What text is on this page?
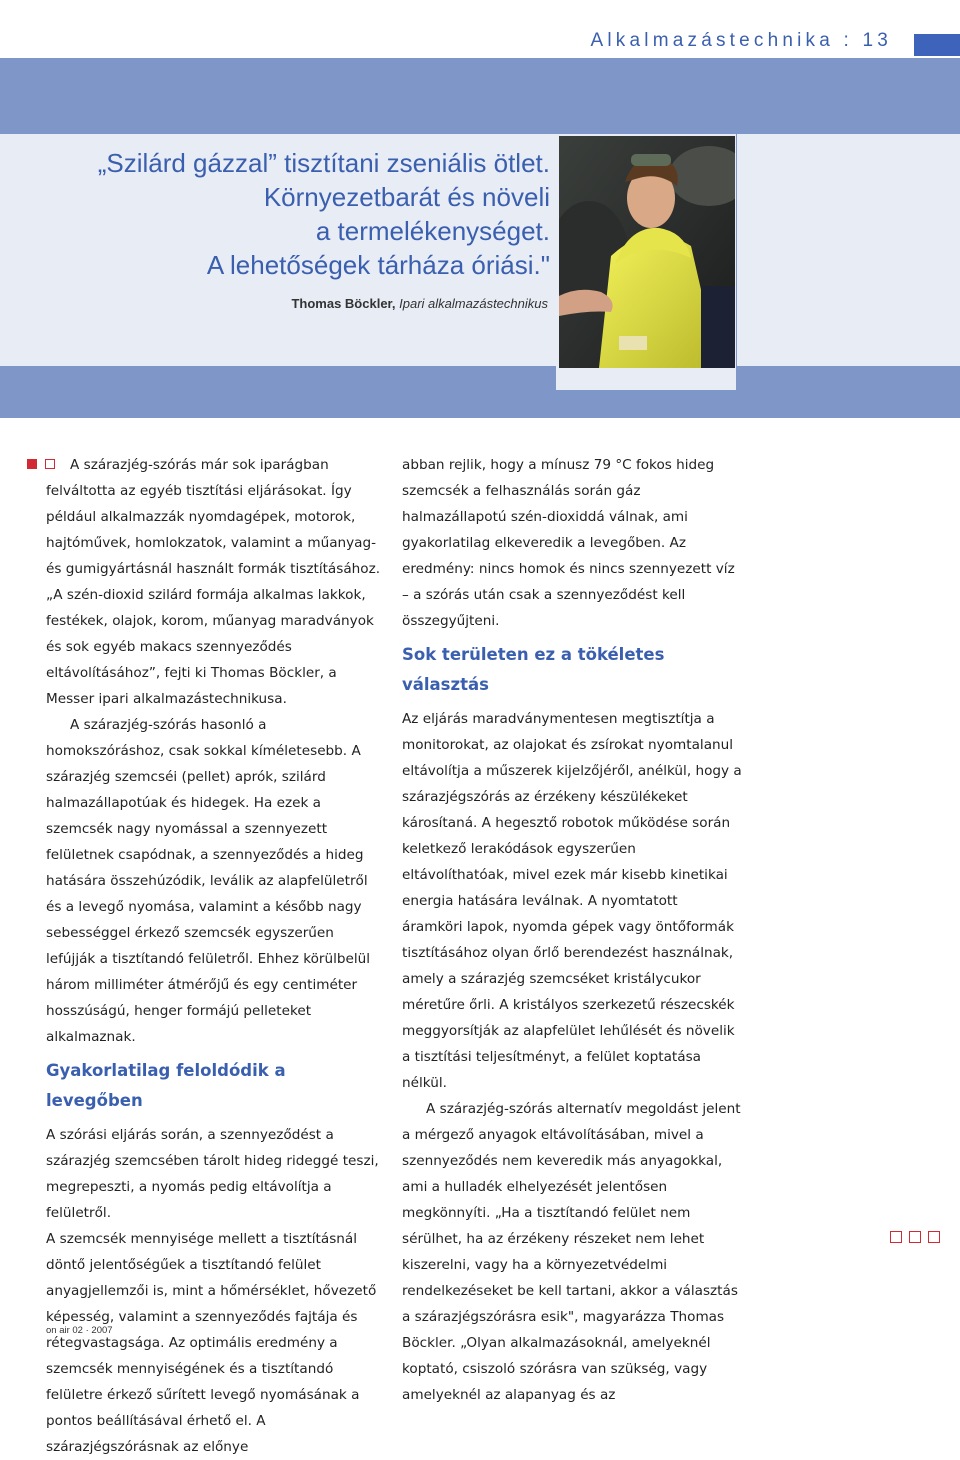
Alkalmazástechnika : 13
„Szilárd gázzal” tisztítani zseniális ötlet.
Környezetbarát és növeli
a termelékenységet.
A lehetőségek tárháza óriási."
Thomas Böckler, Ipari alkalmazástechnikus

A szárazjég-szórás már sok iparágban felváltotta az egyéb tisztítási eljárásokat. Így például alkalmazzák nyomdagépek, motorok, hajtóművek, homlokzatok, valamint a műanyag- és gumigyártásnál használt formák tisztításához. „A szén-dioxid szilárd formája alkalmas lakkok, festékek, olajok, korom, műanyag maradványok és sok egyéb makacs szennyeződés eltávolításához”, fejti ki Thomas Böckler, a Messer ipari alkalmazástechnikusa.

A szárazjég-szórás hasonló a homokszóráshoz, csak sokkal kíméletesebb. A szárazjég szemcséi (pellet) aprók, szilárd halmazállapotúak és hidegek. Ha ezek a szemcsék nagy nyomással a szennyezett felületnek csapódnak, a szennyeződés a hideg hatására összehúzódik, leválik az alapfelületről és a levegő nyomása, valamint a később nagy sebességgel érkező szemcsék egyszerűen lefújják a tisztítandó felületről. Ehhez körülbelül három milliméter átmérőjű és egy centiméter hosszúságú, henger formájú pelleteket alkalmaznak.

Gyakorlatilag feloldódik a levegőben

A szórási eljárás során, a szennyeződést a szárazjég szemcsében tárolt hideg rideggé teszi, megrepeszti, a nyomás pedig eltávolítja a felületről.

A szemcsék mennyisége mellett a tisztításnál döntő jelentőségűek a tisztítandó felület anyagjellemzői is, mint a hőmérséklet, hővezető képesség, valamint a szennyeződés fajtája és rétegvastagsága. Az optimális eredmény a szemcsék mennyiségének és a tisztítandó felületre érkező sűrített levegő nyomásának a pontos beállításával érhető el. A szárazjégszórásnak az előnye

abban rejlik, hogy a mínusz 79 °C fokos hideg szemcsék a felhasználás során gáz halmazállapotú szén-dioxiddá válnak, ami gyakorlatilag elkeveredik a levegőben. Az eredmény: nincs homok és nincs szennyezett víz – a szórás után csak a szennyeződést kell összegyűjteni.

Sok területen ez a tökéletes választás

Az eljárás maradványmentesen megtisztítja a monitorokat, az olajokat és zsírokat nyomtalanul eltávolítja a műszerek kijelzőjéről, anélkül, hogy a szárazjégszórás az érzékeny készülékeket károsítaná. A hegesztő robotok működése során keletkező lerakódások egyszerűen eltávolíthatóak, mivel ezek már kisebb kinetikai energia hatására leválnak. A nyomtatott áramköri lapok, nyomda gépek vagy öntőformák tisztításához olyan őrlő berendezést használnak, amely a szárazjég szemcséket kristálycukor méretűre őrli. A kristályos szerkezetű részecskék meggyorsítják az alapfelület lehűlését és növelik a tisztítási teljesítményt, a felület koptatása nélkül.

A szárazjég-szórás alternatív megoldást jelent a mérgező anyagok eltávolításában, mivel a szennyeződés nem keveredik más anyagokkal, ami a hulladék elhelyezését jelentősen megkönnyíti. „Ha a tisztítandó felület nem sérülhet, ha az érzékeny részeket nem lehet kiszerelni, vagy ha a környezetvédelmi rendelkezéseket be kell tartani, akkor a választás a szárazjégszórásra esik", magyarázza Thomas Böckler. „Olyan alkalmazásoknál, amelyeknél koptató, csiszoló szórásra van szükség, vagy amelyeknél az alapanyag és az

on air 02 · 2007
